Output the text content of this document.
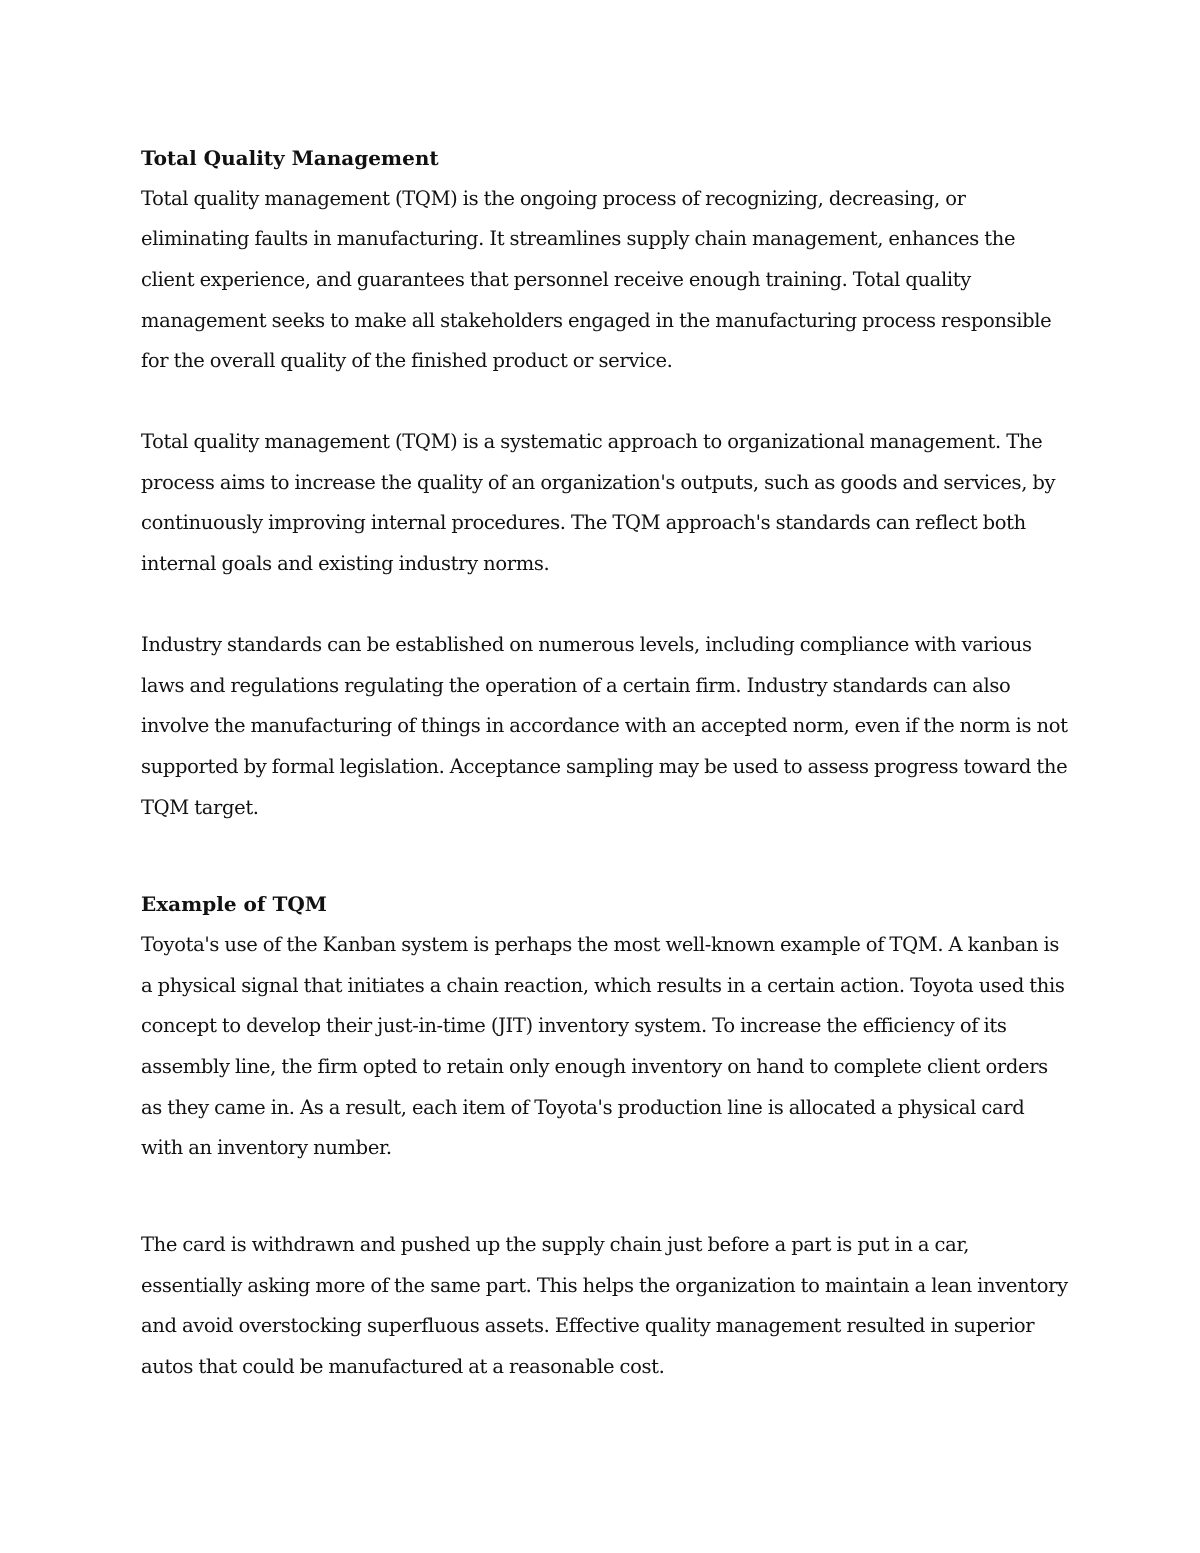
Total Quality Management

Total quality management (TQM) is the ongoing process of recognizing, decreasing, or eliminating faults in manufacturing. It streamlines supply chain management, enhances the client experience, and guarantees that personnel receive enough training. Total quality management seeks to make all stakeholders engaged in the manufacturing process responsible for the overall quality of the finished product or service.

Total quality management (TQM) is a systematic approach to organizational management. The process aims to increase the quality of an organization's outputs, such as goods and services, by continuously improving internal procedures. The TQM approach's standards can reflect both internal goals and existing industry norms.

Industry standards can be established on numerous levels, including compliance with various laws and regulations regulating the operation of a certain firm. Industry standards can also involve the manufacturing of things in accordance with an accepted norm, even if the norm is not supported by formal legislation. Acceptance sampling may be used to assess progress toward the TQM target.

Example of TQM

Toyota's use of the Kanban system is perhaps the most well-known example of TQM. A kanban is a physical signal that initiates a chain reaction, which results in a certain action. Toyota used this concept to develop their just-in-time (JIT) inventory system. To increase the efficiency of its assembly line, the firm opted to retain only enough inventory on hand to complete client orders as they came in. As a result, each item of Toyota's production line is allocated a physical card with an inventory number.

The card is withdrawn and pushed up the supply chain just before a part is put in a car, essentially asking more of the same part. This helps the organization to maintain a lean inventory and avoid overstocking superfluous assets. Effective quality management resulted in superior autos that could be manufactured at a reasonable cost.
